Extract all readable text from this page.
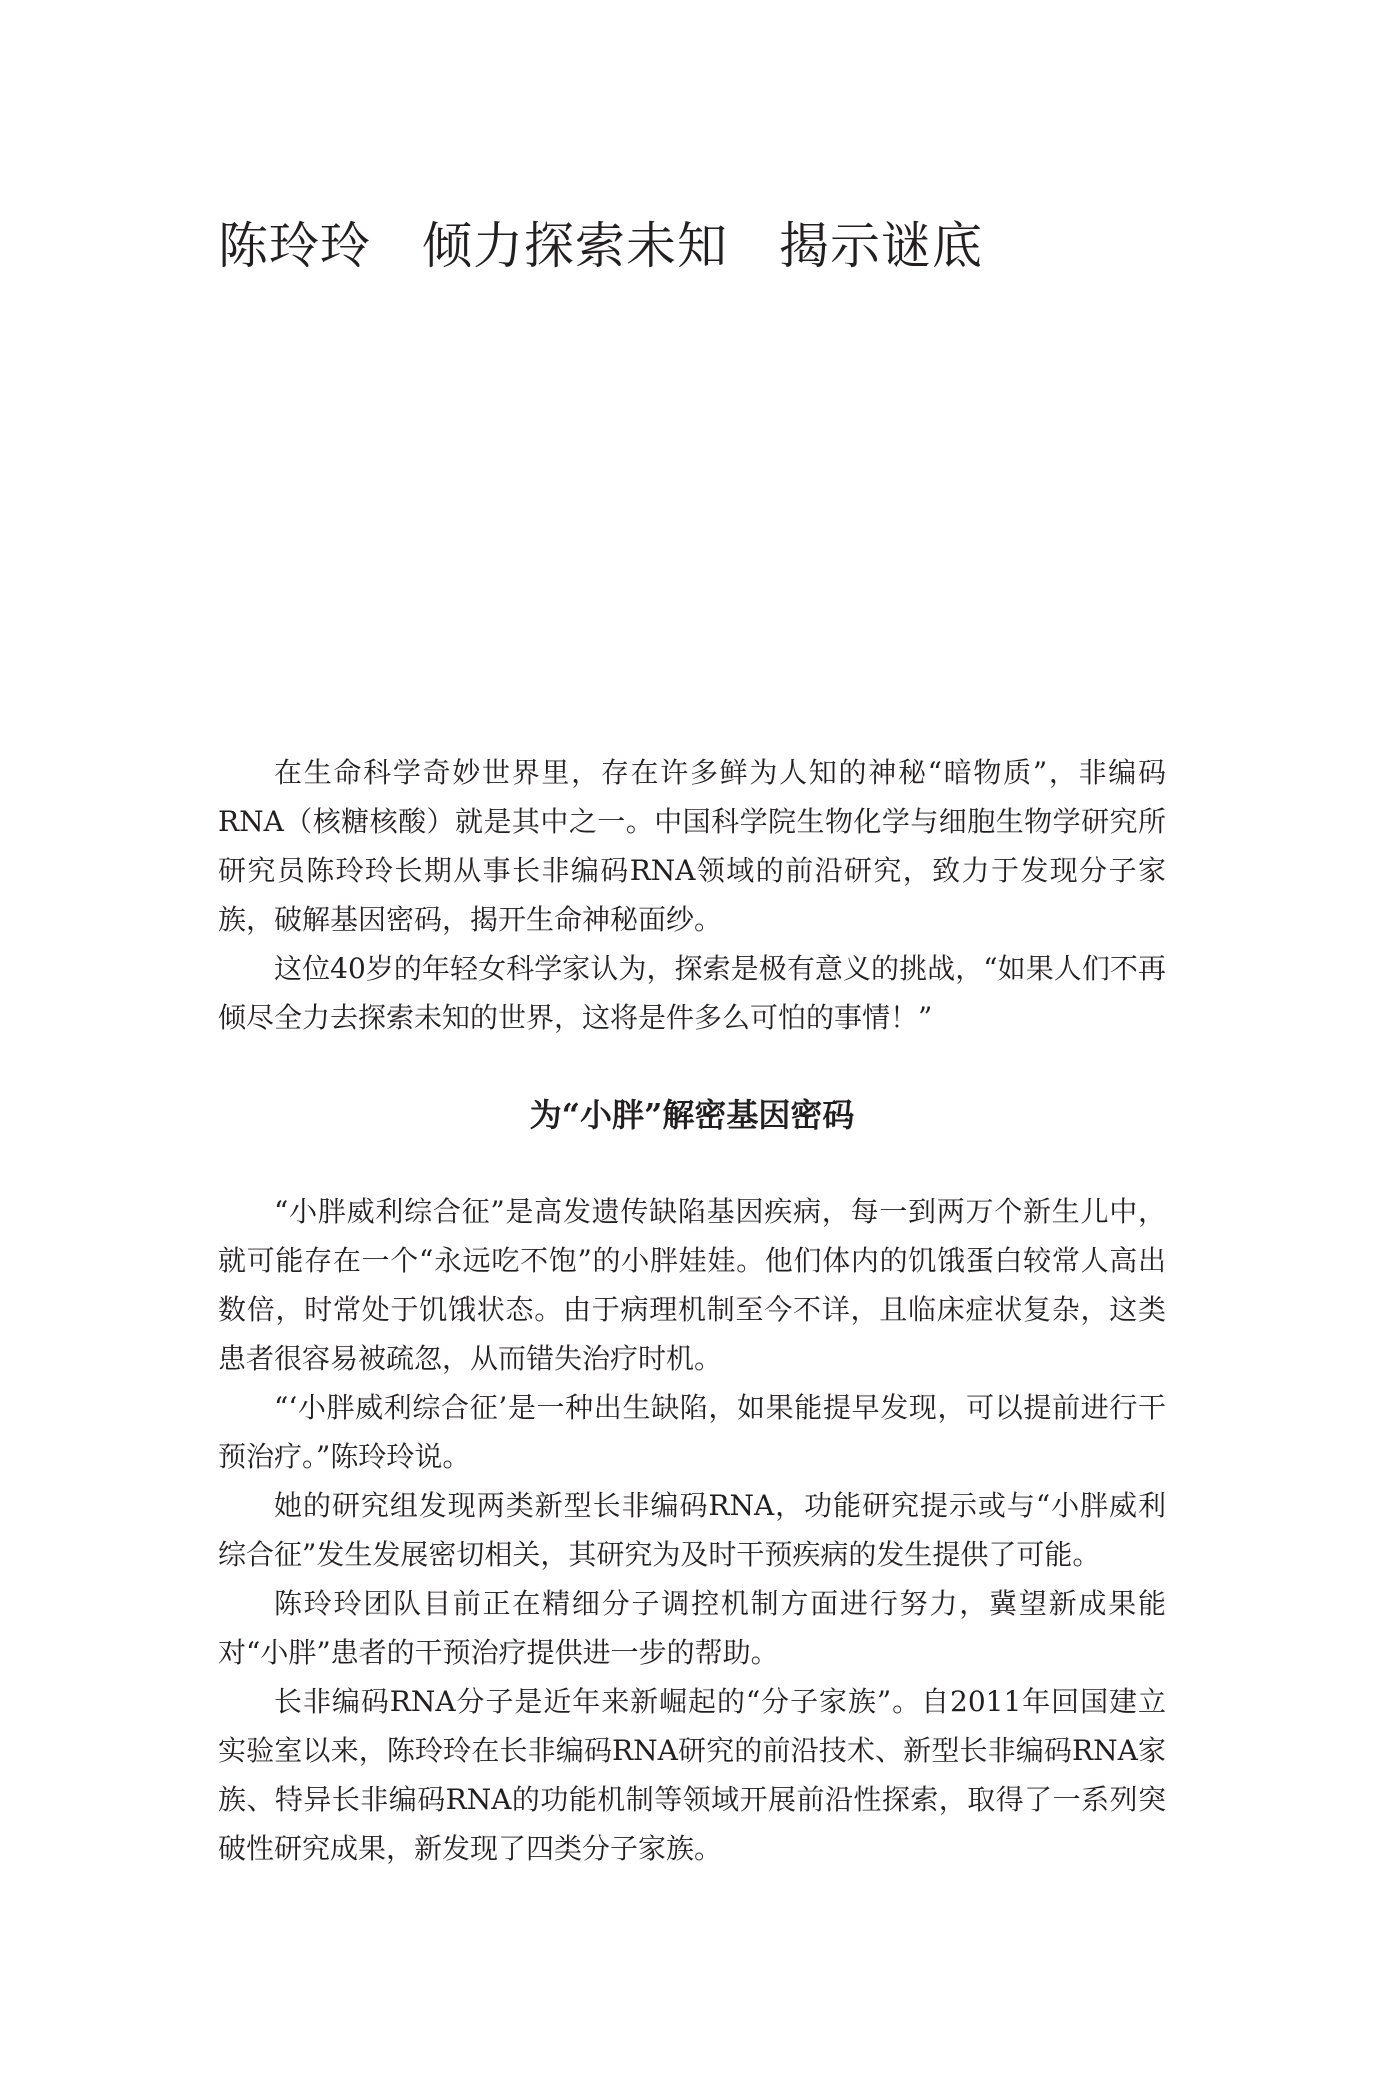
陈玲玲　倾力探索未知　揭示谜底

在生命科学奇妙世界里，存在许多鲜为人知的神秘“暗物质”，非编码RNA（核糖核酸）就是其中之一。中国科学院生物化学与细胞生物学研究所研究员陈玲玲长期从事长非编码RNA领域的前沿研究，致力于发现分子家族，破解基因密码，揭开生命神秘面纱。

这位40岁的年轻女科学家认为，探索是极有意义的挑战，“如果人们不再倾尽全力去探索未知的世界，这将是件多么可怕的事情！”

为“小胖”解密基因密码

“小胖威利综合征”是高发遗传缺陷基因疾病，每一到两万个新生儿中，就可能存在一个“永远吃不饱”的小胖娃娃。他们体内的饥饿蛋白较常人高出数倍，时常处于饥饿状态。由于病理机制至今不详，且临床症状复杂，这类患者很容易被疏忽，从而错失治疗时机。

“‘小胖威利综合征’是一种出生缺陷，如果能提早发现，可以提前进行干预治疗。”陈玲玲说。

她的研究组发现两类新型长非编码RNA，功能研究提示或与“小胖威利综合征”发生发展密切相关，其研究为及时干预疾病的发生提供了可能。

陈玲玲团队目前正在精细分子调控机制方面进行努力，冀望新成果能对“小胖”患者的干预治疗提供进一步的帮助。

长非编码RNA分子是近年来新崛起的“分子家族”。自2011年回国建立实验室以来，陈玲玲在长非编码RNA研究的前沿技术、新型长非编码RNA家族、特异长非编码RNA的功能机制等领域开展前沿性探索，取得了一系列突破性研究成果，新发现了四类分子家族。
